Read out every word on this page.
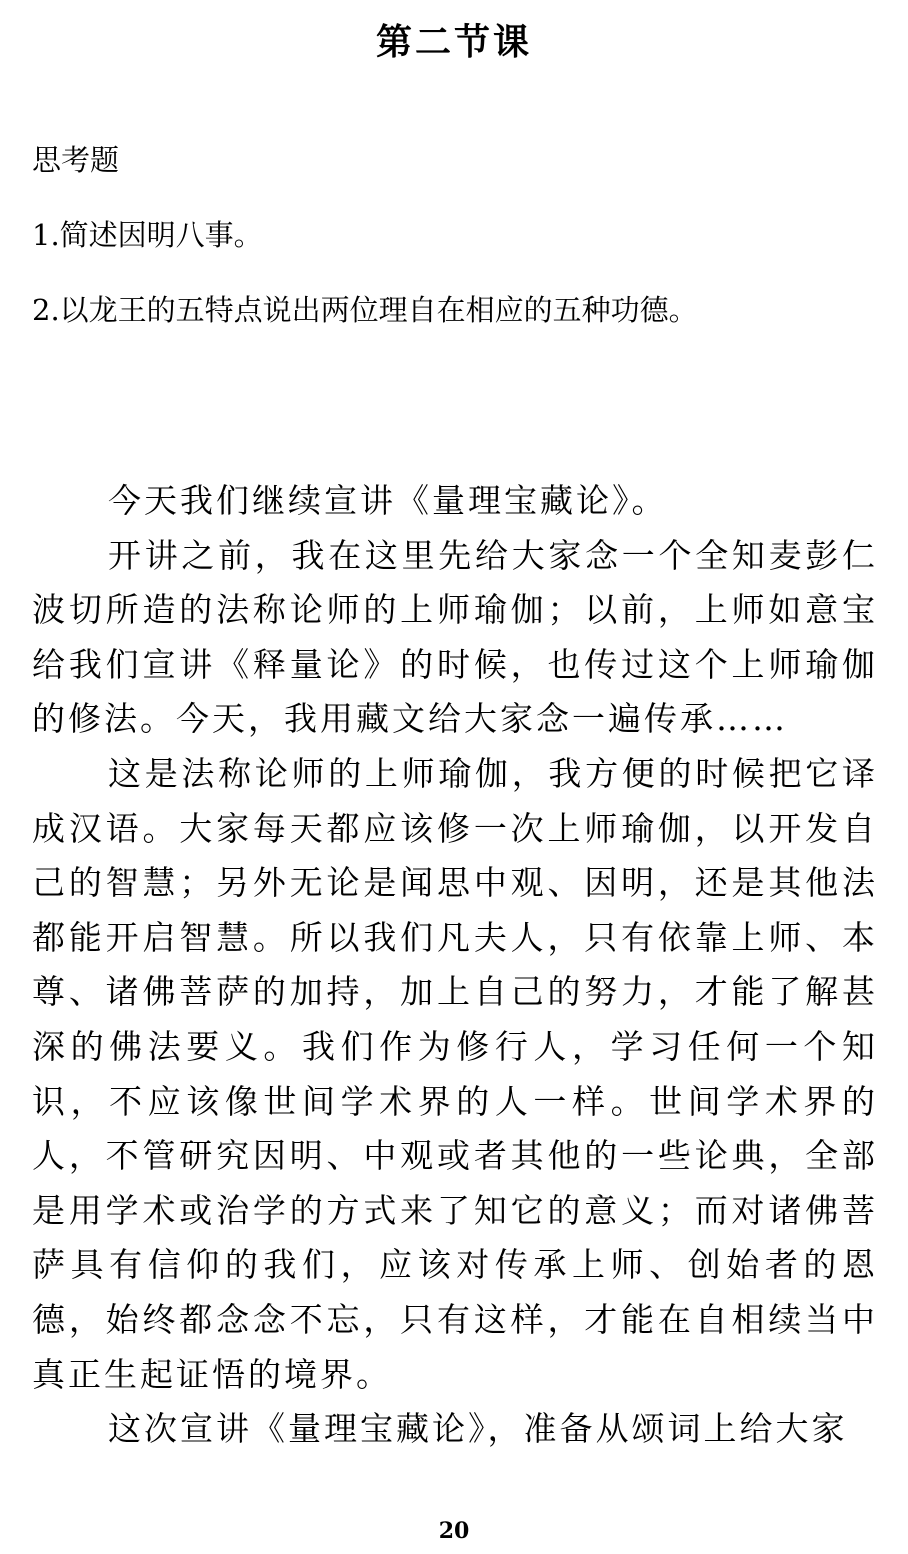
第二节课

思考题

1.简述因明八事。

2.以龙王的五特点说出两位理自在相应的五种功德。

今天我们继续宣讲《量理宝藏论》。

开讲之前，我在这里先给大家念一个全知麦彭仁波切所造的法称论师的上师瑜伽；以前，上师如意宝给我们宣讲《释量论》的时候，也传过这个上师瑜伽的修法。今天，我用藏文给大家念一遍传承……

这是法称论师的上师瑜伽，我方便的时候把它译成汉语。大家每天都应该修一次上师瑜伽，以开发自己的智慧；另外无论是闻思中观、因明，还是其他法都能开启智慧。所以我们凡夫人，只有依靠上师、本尊、诸佛菩萨的加持，加上自己的努力，才能了解甚深的佛法要义。我们作为修行人，学习任何一个知识，不应该像世间学术界的人一样。世间学术界的人，不管研究因明、中观或者其他的一些论典，全部是用学术或治学的方式来了知它的意义；而对诸佛菩萨具有信仰的我们，应该对传承上师、创始者的恩德，始终都念念不忘，只有这样，才能在自相续当中真正生起证悟的境界。

这次宣讲《量理宝藏论》，准备从颂词上给大家

20
